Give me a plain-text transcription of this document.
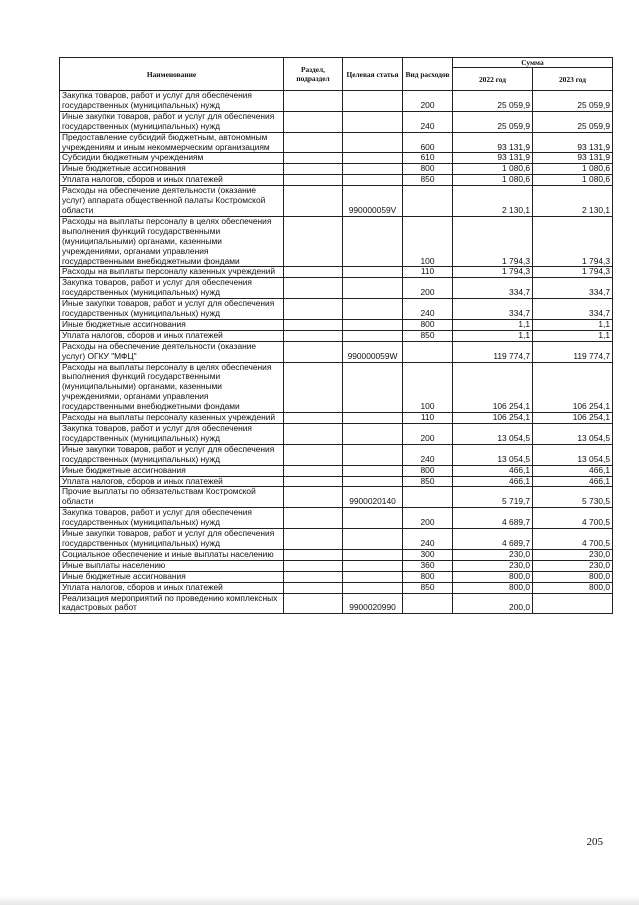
Наименование	Раздел, подраздел	Целевая статья	Вид расходов	Сумма	
				2022 год	2023 год
Закупка товаров, работ и услуг для обеспечения государственных (муниципальных) нужд			200	25 059,9	25 059,9
Иные закупки товаров, работ и услуг для обеспечения государственных (муниципальных) нужд			240	25 059,9	25 059,9
Предоставление субсидий бюджетным, автономным учреждениям и иным некоммерческим организациям			600	93 131,9	93 131,9
Субсидии бюджетным учреждениям			610	93 131,9	93 131,9
Иные бюджетные ассигнования			800	1 080,6	1 080,6
Уплата налогов, сборов и иных платежей			850	1 080,6	1 080,6
Расходы на обеспечение деятельности (оказание услуг) аппарата общественной палаты Костромской области		990000059V		2 130,1	2 130,1
Расходы на выплаты персоналу в целях обеспечения выполнения функций государственными (муниципальными) органами, казенными учреждениями, органами управления государственными внебюджетными фондами			100	1 794,3	1 794,3
Расходы на выплаты персоналу казенных учреждений			110	1 794,3	1 794,3
Закупка товаров, работ и услуг для обеспечения государственных (муниципальных) нужд			200	334,7	334,7
Иные закупки товаров, работ и услуг для обеспечения государственных (муниципальных) нужд			240	334,7	334,7
Иные бюджетные ассигнования			800	1,1	1,1
Уплата налогов, сборов и иных платежей			850	1,1	1,1
Расходы на обеспечение деятельности (оказание услуг) ОГКУ "МФЦ"		990000059W		119 774,7	119 774,7
Расходы на выплаты персоналу в целях обеспечения выполнения функций государственными (муниципальными) органами, казенными учреждениями, органами управления государственными внебюджетными фондами			100	106 254,1	106 254,1
Расходы на выплаты персоналу казенных учреждений			110	106 254,1	106 254,1
Закупка товаров, работ и услуг для обеспечения государственных (муниципальных) нужд			200	13 054,5	13 054,5
Иные закупки товаров, работ и услуг для обеспечения государственных (муниципальных) нужд			240	13 054,5	13 054,5
Иные бюджетные ассигнования			800	466,1	466,1
Уплата налогов, сборов и иных платежей			850	466,1	466,1
Прочие выплаты по обязательствам Костромской области		9900020140		5 719,7	5 730,5
Закупка товаров, работ и услуг для обеспечения государственных (муниципальных) нужд			200	4 689,7	4 700,5
Иные закупки товаров, работ и услуг для обеспечения государственных (муниципальных) нужд			240	4 689,7	4 700,5
Социальное обеспечение и иные выплаты населению			300	230,0	230,0
Иные выплаты населению			360	230,0	230,0
Иные бюджетные ассигнования			800	800,0	800,0
Уплата налогов, сборов и иных платежей			850	800,0	800,0
Реализация мероприятий по проведению комплексных кадастровых работ		9900020990		200,0	
205
